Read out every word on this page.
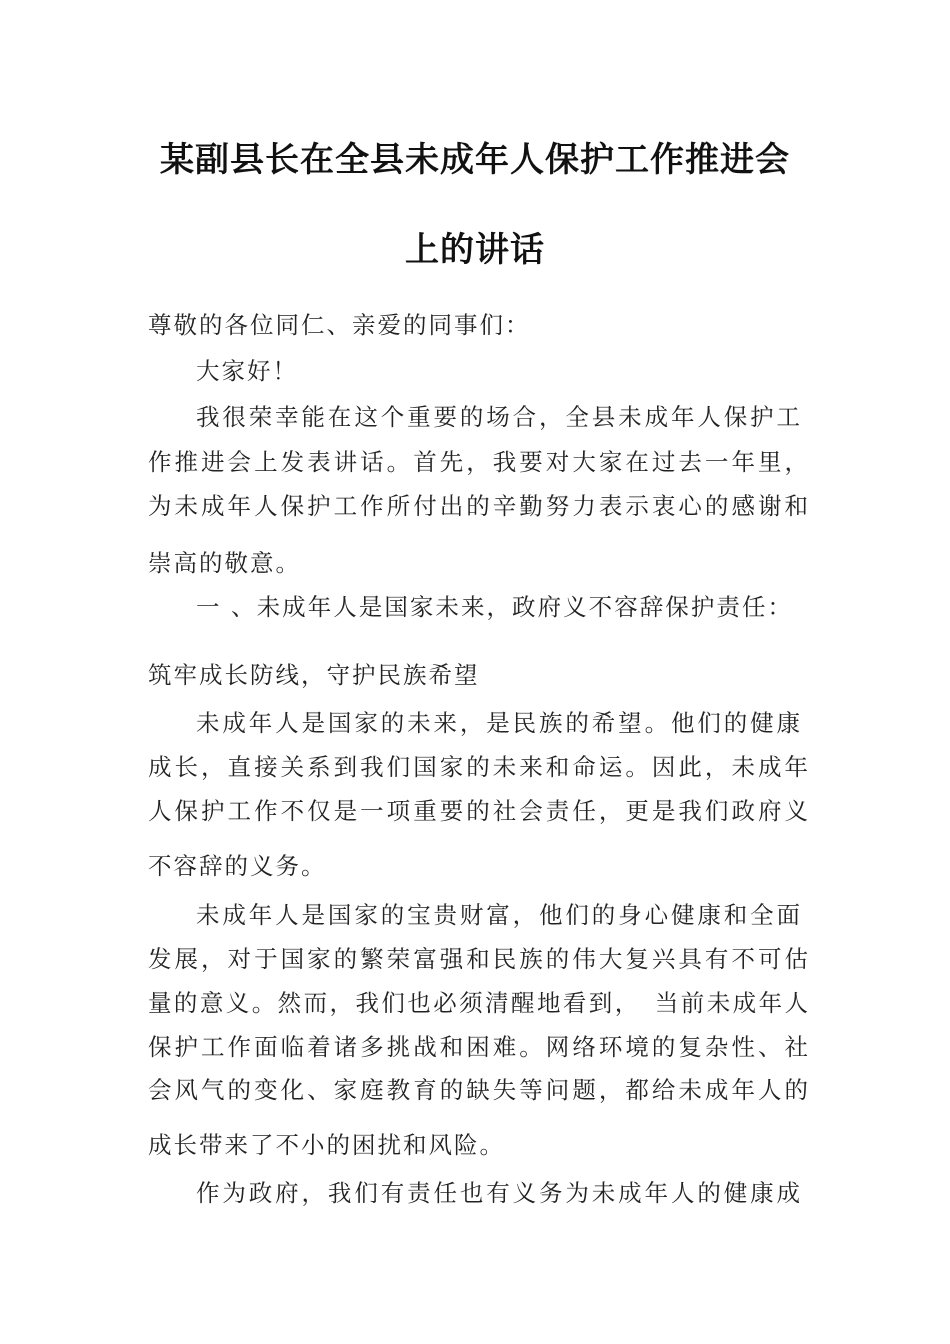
某副县长在全县未成年人保护工作推进会
上的讲话
尊敬的各位同仁、亲爱的同事们：
大家好！
我很荣幸能在这个重要的场合，全县未成年人保护工
作推进会上发表讲话。首先，我要对大家在过去一年里，
为未成年人保护工作所付出的辛勤努力表示衷心的感谢和
崇高的敬意。
一 、未成年人是国家未来，政府义不容辞保护责任：
筑牢成长防线，守护民族希望
未成年人是国家的未来，是民族的希望。他们的健康
成长，直接关系到我们国家的未来和命运。因此，未成年
人保护工作不仅是一项重要的社会责任，更是我们政府义
不容辞的义务。
未成年人是国家的宝贵财富，他们的身心健康和全面
发展，对于国家的繁荣富强和民族的伟大复兴具有不可估
量的意义。然而，我们也必须清醒地看到，　当前未成年人
保护工作面临着诸多挑战和困难。网络环境的复杂性、社
会风气的变化、家庭教育的缺失等问题，都给未成年人的
成长带来了不小的困扰和风险。
作为政府，我们有责任也有义务为未成年人的健康成
